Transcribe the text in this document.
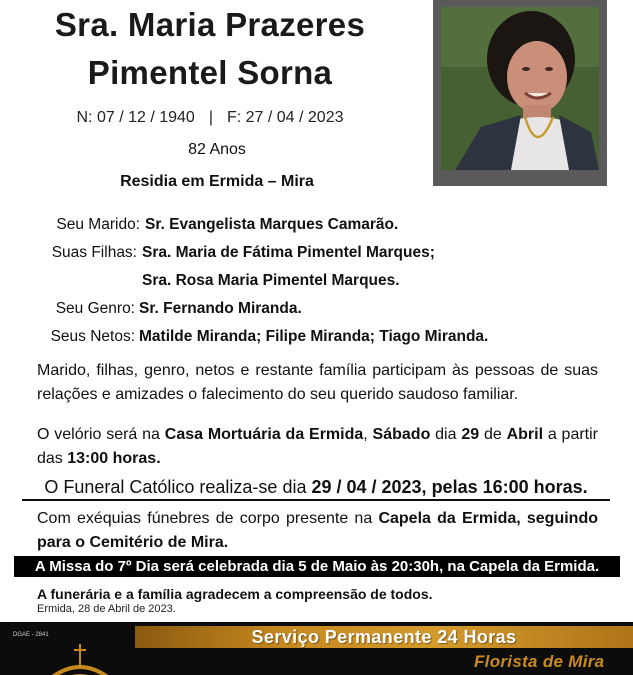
Sra. Maria Prazeres
Pimentel Sorna
N: 07 / 12 / 1940 | F: 27 / 04 / 2023
82 Anos
Residia em Ermida – Mira
Seu Marido: Sr. Evangelista Marques Camarão.
Suas Filhas: Sra. Maria de Fátima Pimentel Marques;
Sra. Rosa Maria Pimentel Marques.
Seu Genro: Sr. Fernando Miranda.
Seus Netos: Matilde Miranda; Filipe Miranda; Tiago Miranda.
Marido, filhas, genro, netos e restante família participam às pessoas de suas relações e amizades o falecimento do seu querido saudoso familiar.
O velório será na Casa Mortuária da Ermida, Sábado dia 29 de Abril a partir das 13:00 horas.
O Funeral Católico realiza-se dia 29 / 04 / 2023, pelas 16:00 horas.
Com exéquias fúnebres de corpo presente na Capela da Ermida, seguindo para o Cemitério de Mira.
A Missa do 7º Dia será celebrada dia 5 de Maio às 20:30h, na Capela da Ermida.
A funerária e a família agradecem a compreensão de todos.
Ermida, 28 de Abril de 2023.
DGAE - 2841	Serviço Permanente 24 Horas
Florista de Mira
